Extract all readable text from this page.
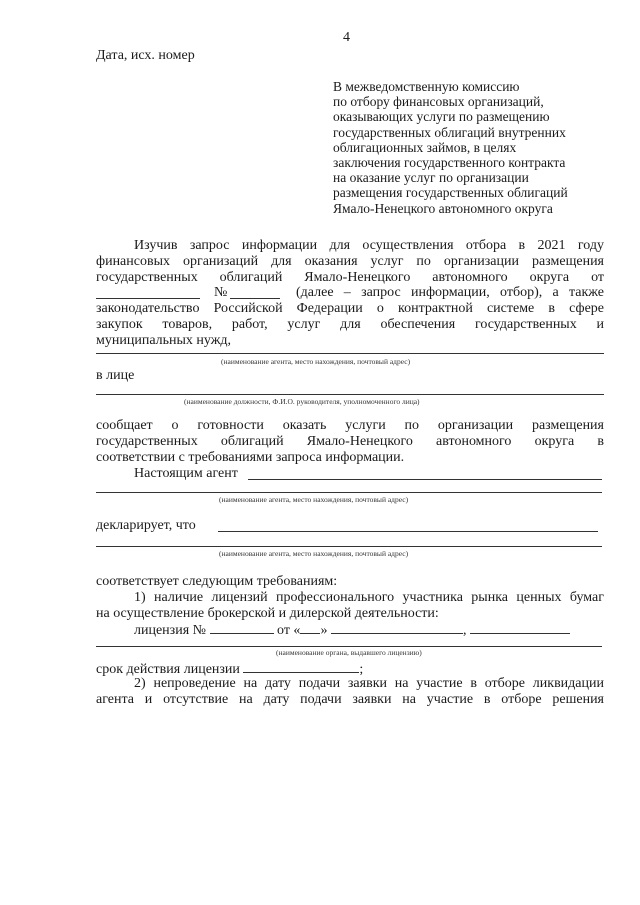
4
Дата, исх. номер
В межведомственную комиссию
по отбору финансовых организаций,
оказывающих услуги по размещению
государственных облигаций внутренних
облигационных займов, в целях
заключения государственного контракта
на оказание услуг по организации
размещения государственных облигаций
Ямало-Ненецкого автономного округа
Изучив запрос информации для осуществления отбора в 2021 году
финансовых организаций для оказания услуг по организации размещения
государственных облигаций Ямало-Ненецкого автономного округа от
№	(далее – запрос информации, отбор), а также
законодательство Российской Федерации о контрактной системе в сфере
закупок товаров, работ, услуг для обеспечения государственных и
муниципальных нужд,
(наименование агента, место нахождения, почтовый адрес)
в лице
(наименование должности, Ф.И.О. руководителя, уполномоченного лица)
сообщает о готовности оказать услуги по организации размещения
государственных облигаций Ямало-Ненецкого автономного округа в
соответствии с требованиями запроса информации.
Настоящим агент
(наименование агента, место нахождения, почтовый адрес)
декларирует, что
(наименование агента, место нахождения, почтовый адрес)
соответствует следующим требованиям:
1) наличие лицензий профессионального участника рынка ценных бумаг
на осуществление брокерской и дилерской деятельности:
лицензия №	от « »	,
(наименование органа, выдавшего лицензию)
срок действия лицензии	;
2) непроведение на дату подачи заявки на участие в отборе ликвидации
агента и отсутствие на дату подачи заявки на участие в отборе решения
